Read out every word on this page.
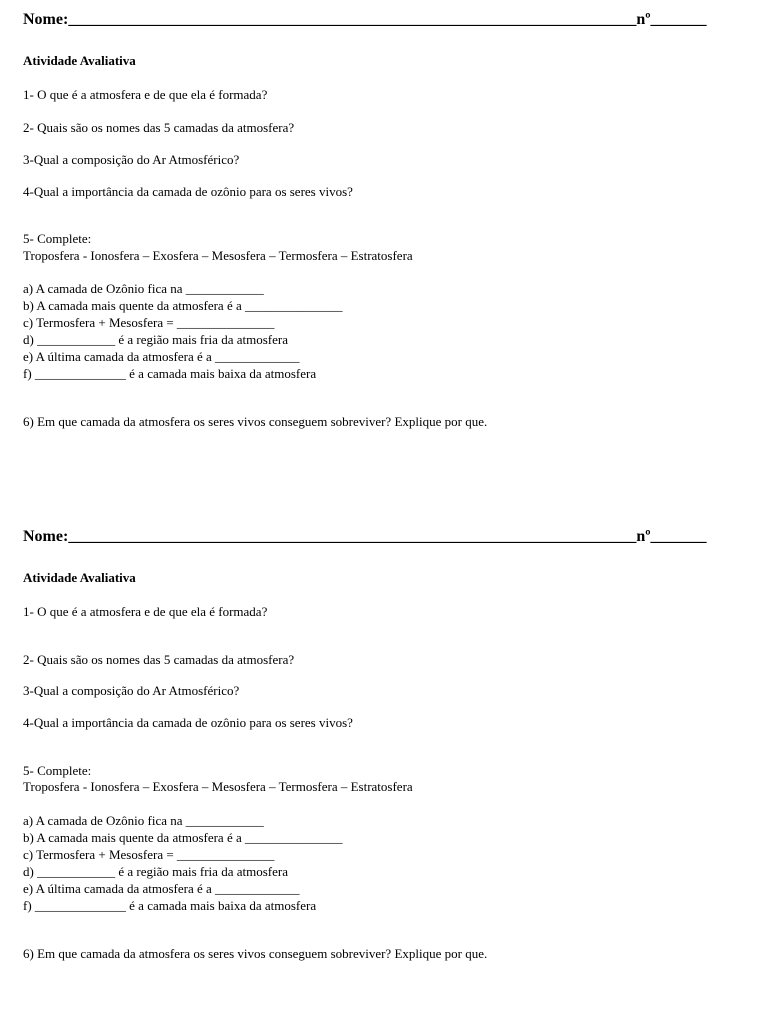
Nome:_______________________________________________________________________nº_______
Atividade Avaliativa
1- O que é a atmosfera e de que ela é formada?
2- Quais são os nomes das 5 camadas da atmosfera?
3-Qual a composição do Ar Atmosférico?
4-Qual a importância da camada de ozônio para os seres vivos?
5- Complete:
Troposfera - Ionosfera – Exosfera – Mesosfera – Termosfera – Estratosfera
a) A camada de Ozônio fica na ____________
b) A camada mais quente da atmosfera é a _______________
c) Termosfera + Mesosfera = _______________
d) ____________ é a região mais fria da atmosfera
e) A última camada da atmosfera é a _____________
f) ______________ é a camada mais baixa da atmosfera
6) Em que camada da atmosfera os seres vivos conseguem sobreviver? Explique por que.
Nome:_______________________________________________________________________nº_______
Atividade Avaliativa
1- O que é a atmosfera e de que ela é formada?
2- Quais são os nomes das 5 camadas da atmosfera?
3-Qual a composição do Ar Atmosférico?
4-Qual a importância da camada de ozônio para os seres vivos?
5- Complete:
Troposfera - Ionosfera – Exosfera – Mesosfera – Termosfera – Estratosfera
a) A camada de Ozônio fica na ____________
b) A camada mais quente da atmosfera é a _______________
c) Termosfera + Mesosfera = _______________
d) ____________ é a região mais fria da atmosfera
e) A última camada da atmosfera é a _____________
f) ______________ é a camada mais baixa da atmosfera
6) Em que camada da atmosfera os seres vivos conseguem sobreviver? Explique por que.
